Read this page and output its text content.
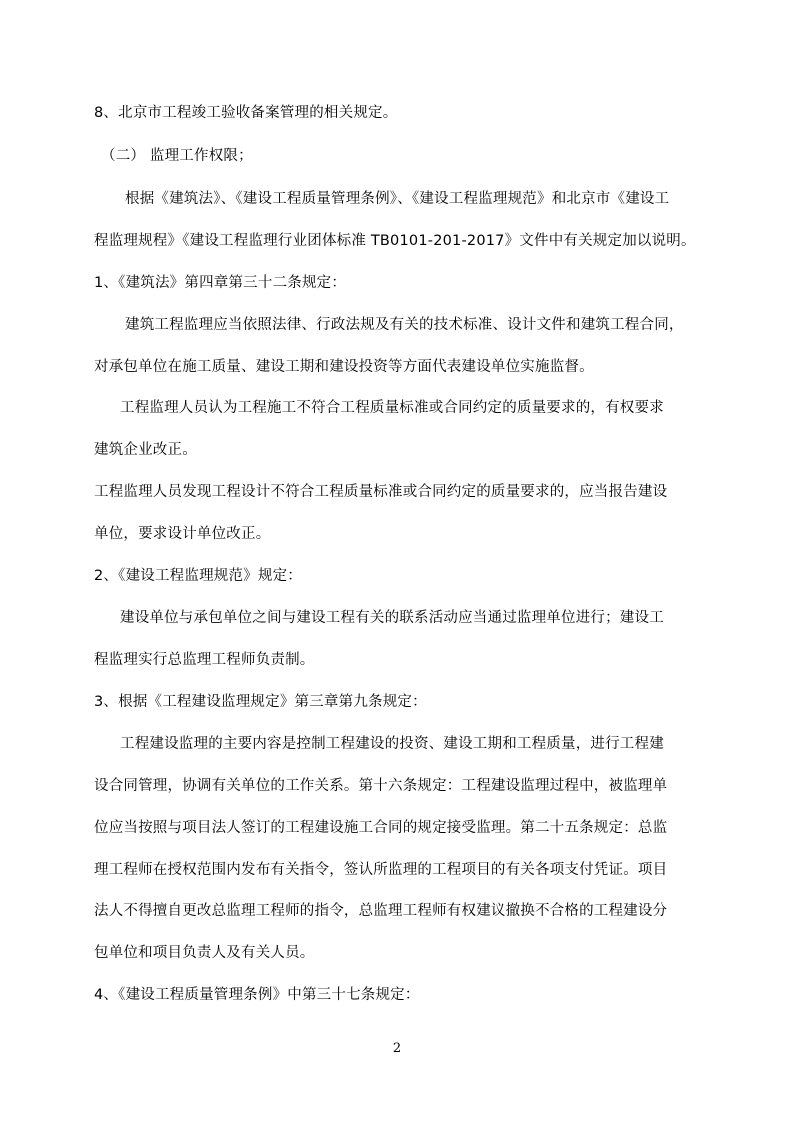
8、北京市工程竣工验收备案管理的相关规定。
（二） 监理工作权限；
根据《建筑法》、《建设工程质量管理条例》、《建设工程监理规范》和北京市《建设工
程监理规程》《建设工程监理行业团体标准 TB0101-201-2017》文件中有关规定加以说明。
1、《建筑法》第四章第三十二条规定：
建筑工程监理应当依照法律、行政法规及有关的技术标准、设计文件和建筑工程合同，
对承包单位在施工质量、建设工期和建设投资等方面代表建设单位实施监督。
工程监理人员认为工程施工不符合工程质量标准或合同约定的质量要求的，有权要求
建筑企业改正。
工程监理人员发现工程设计不符合工程质量标准或合同约定的质量要求的，应当报告建设
单位，要求设计单位改正。
2、《建设工程监理规范》规定：
建设单位与承包单位之间与建设工程有关的联系活动应当通过监理单位进行；建设工
程监理实行总监理工程师负责制。
3、根据《工程建设监理规定》第三章第九条规定：
工程建设监理的主要内容是控制工程建设的投资、建设工期和工程质量，进行工程建
设合同管理，协调有关单位的工作关系。第十六条规定：工程建设监理过程中，被监理单
位应当按照与项目法人签订的工程建设施工合同的规定接受监理。第二十五条规定：总监
理工程师在授权范围内发布有关指令，签认所监理的工程项目的有关各项支付凭证。项目
法人不得擅自更改总监理工程师的指令，总监理工程师有权建议撤换不合格的工程建设分
包单位和项目负责人及有关人员。
4、《建设工程质量管理条例》中第三十七条规定：
2
